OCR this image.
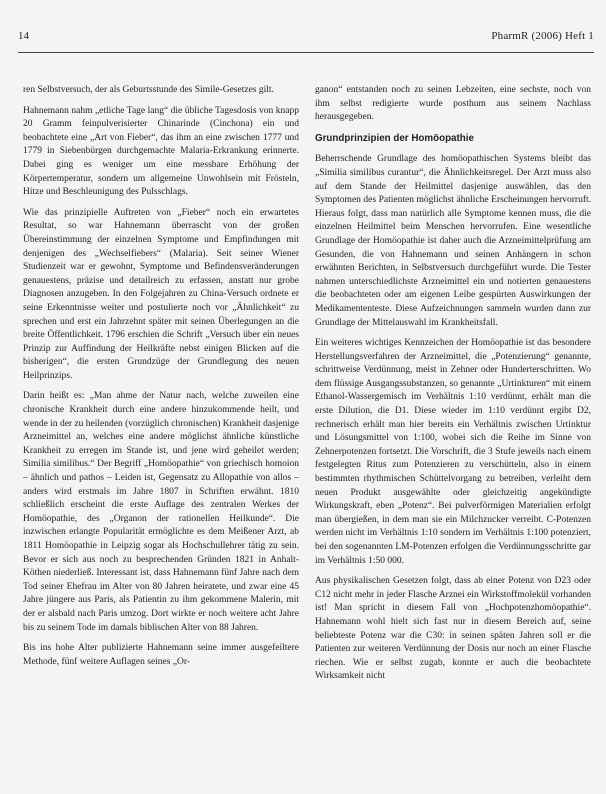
14	PharmR (2006) Heft 1

ren Selbstversuch, der als Geburtsstunde des Simile-Gesetzes gilt.

Hahnemann nahm „etliche Tage lang“ die übliche Tagesdosis von knapp 20 Gramm feinpulverisierter Chinarinde (Cinchona) ein und beobachtete eine „Art von Fieber“, das ihm an eine zwischen 1777 und 1779 in Siebenbürgen durchgemachte Malaria-Erkrankung erinnerte. Dabei ging es weniger um eine messbare Erhöhung der Körpertemperatur, sondern um allgemeine Unwohlsein mit Frösteln, Hitze und Beschleunigung des Pulsschlags.

Wie das prinzipielle Auftreten von „Fieber“ noch ein erwartetes Resultat, so war Hahnemann überrascht von der großen Übereinstimmung der einzelnen Symptome und Empfindungen mit denjenigen des „Wechselfiebers“ (Malaria). Seit seiner Wiener Studienzeit war er gewohnt, Symptome und Befindensveränderungen genauestens, präzise und detailreich zu erfassen, anstatt nur grobe Diagnosen anzugeben. In den Folgejahren zu China-Versuch ordnete er seine Erkenntnisse weiter und postulierte noch vor „Ähnlichkeit“ zu sprechen und erst ein Jahrzehnt später mit seinen Überlegungen an die breite Öffentlichkeit. 1796 erschien die Schrift „Versuch über ein neues Prinzip zur Auffindung der Heilkräfte nebst einigen Blicken auf die bisherigen“, die ersten Grundzüge der Grundlegung des neuen Heilprinzips.

Darin heißt es: „Man ahme der Natur nach, welche zuweilen eine chronische Krankheit durch eine andere hinzukommende heilt, und wende in der zu heilenden (vorzüglich chronischen) Krankheit dasjenige Arzneimittel an, welches eine andere möglichst ähnliche künstliche Krankheit zu erregen im Stande ist, und jene wird geheilet werden; Similia similibus.“ Der Begriff „Homöopathie“ von griechisch homoion – ähnlich und pathos – Leiden ist, Gegensatz zu Allopathie von allos – anders wird erstmals im Jahre 1807 in Schriften erwähnt. 1810 schließlich erscheint die erste Auflage des zentralen Werkes der Homöopathie, des „Organon der rationellen Heilkunde“. Die inzwischen erlangte Popularität ermöglichte es dem Meißener Arzt, ab 1811 Homöopathie in Leipzig sogar als Hochschullehrer tätig zu sein. Bevor er sich aus noch zu besprechenden Gründen 1821 in Anhalt-Köthen niederließ. Interessant ist, dass Hahnemann fünf Jahre nach dem Tod seiner Ehefrau im Alter von 80 Jahren heiratete, und zwar eine 45 Jahre jüngere aus Paris, als Patientin zu ihm gekommene Malerin, mit der er alsbald nach Paris umzog. Dort wirkte er noch weitere acht Jahre bis zu seinem Tode im damals biblischen Alter von 88 Jahren.

Bis ins hohe Alter publizierte Hahnemann seine immer ausgefeiltere Methode, fünf weitere Auflagen seines „Or-

ganon“ entstanden noch zu seinen Lebzeiten, eine sechste, noch von ihm selbst redigierte wurde posthum aus seinem Nachlass herausgegeben.

Grundprinzipien der Homöopathie

Beherrschende Grundlage des homöopathischen Systems bleibt das „Similia similibus curantur“, die Ähnlichkeitsregel. Der Arzt muss also auf dem Stande der Heilmittel dasjenige auswählen, das den Symptomen des Patienten möglichst ähnliche Erscheinungen hervorruft. Hieraus folgt, dass man natürlich alle Symptome kennen muss, die die einzelnen Heilmittel beim Menschen hervorrufen. Eine wesentliche Grundlage der Homöopathie ist daher auch die Arzneimittelprüfung am Gesunden, die von Hahnemann und seinen Anhängern in schon erwähnten Berichten, in Selbstversuch durchgeführt wurde. Die Tester nahmen unterschiedlichste Arzneimittel ein und notierten genauestens die beobachteten oder am eigenen Leibe gespürten Auswirkungen der Medikamententeste. Diese Aufzeichnungen sammeln wurden dann zur Grundlage der Mittelauswahl im Krankheitsfall.

Ein weiteres wichtiges Kennzeichen der Homöopathie ist das besondere Herstellungsverfahren der Arzneimittel, die „Potenzierung“ genannte, schrittweise Verdünnung, meist in Zehner oder Hunderterschritten. Wo dem flüssige Ausgangssubstanzen, so genannte „Urtinkturen“ mit einem Ethanol-Wassergemisch im Verhältnis 1:10 verdünnt, erhält man die erste Dilution, die D1. Diese wieder im 1:10 verdünnt ergibt D2, rechnerisch erhält man hier bereits ein Verhältnis zwischen Urtinktur und Lösungsmittel von 1:100, wobei sich die Reihe im Sinne von Zehnerpotenzen fortsetzt. Die Vorschrift, die 3 Stufe jeweils nach einem festgelegten Ritus zum Potenzieren zu verschütteln, also in einem bestimmten rhythmischen Schüttelvorgang zu betreiben, verleiht dem neuen Produkt ausgewählte oder gleichzeitig angekündigte Wirkungskraft, eben „Potenz“. Bei pulverförmigen Materialien erfolgt man übergießen, in dem man sie ein Milchzucker verreibt. C-Potenzen werden nicht im Verhältnis 1:10 sondern im Verhältnis 1:100 potenziert, bei den sogenannten LM-Potenzen erfolgen die Verdünnungsschritte gar im Verhältnis 1:50 000.

Aus physikalischen Gesetzen folgt, dass ab einer Potenz von D23 oder C12 nicht mehr in jeder Flasche Arznei ein Wirkstoffmolekül vorhanden ist! Man spricht in diesem Fall von „Hochpotenzhomöopathie“. Hahnemann wohl hielt sich fast nur in diesem Bereich auf, seine beliebteste Potenz war die C30: in seinen späten Jahren soll er die Patienten zur weiteren Verdünnung der Dosis nur noch an einer Flasche riechen. Wie er selbst zugab, konnte er auch die beobachtete Wirksamkeit nicht
